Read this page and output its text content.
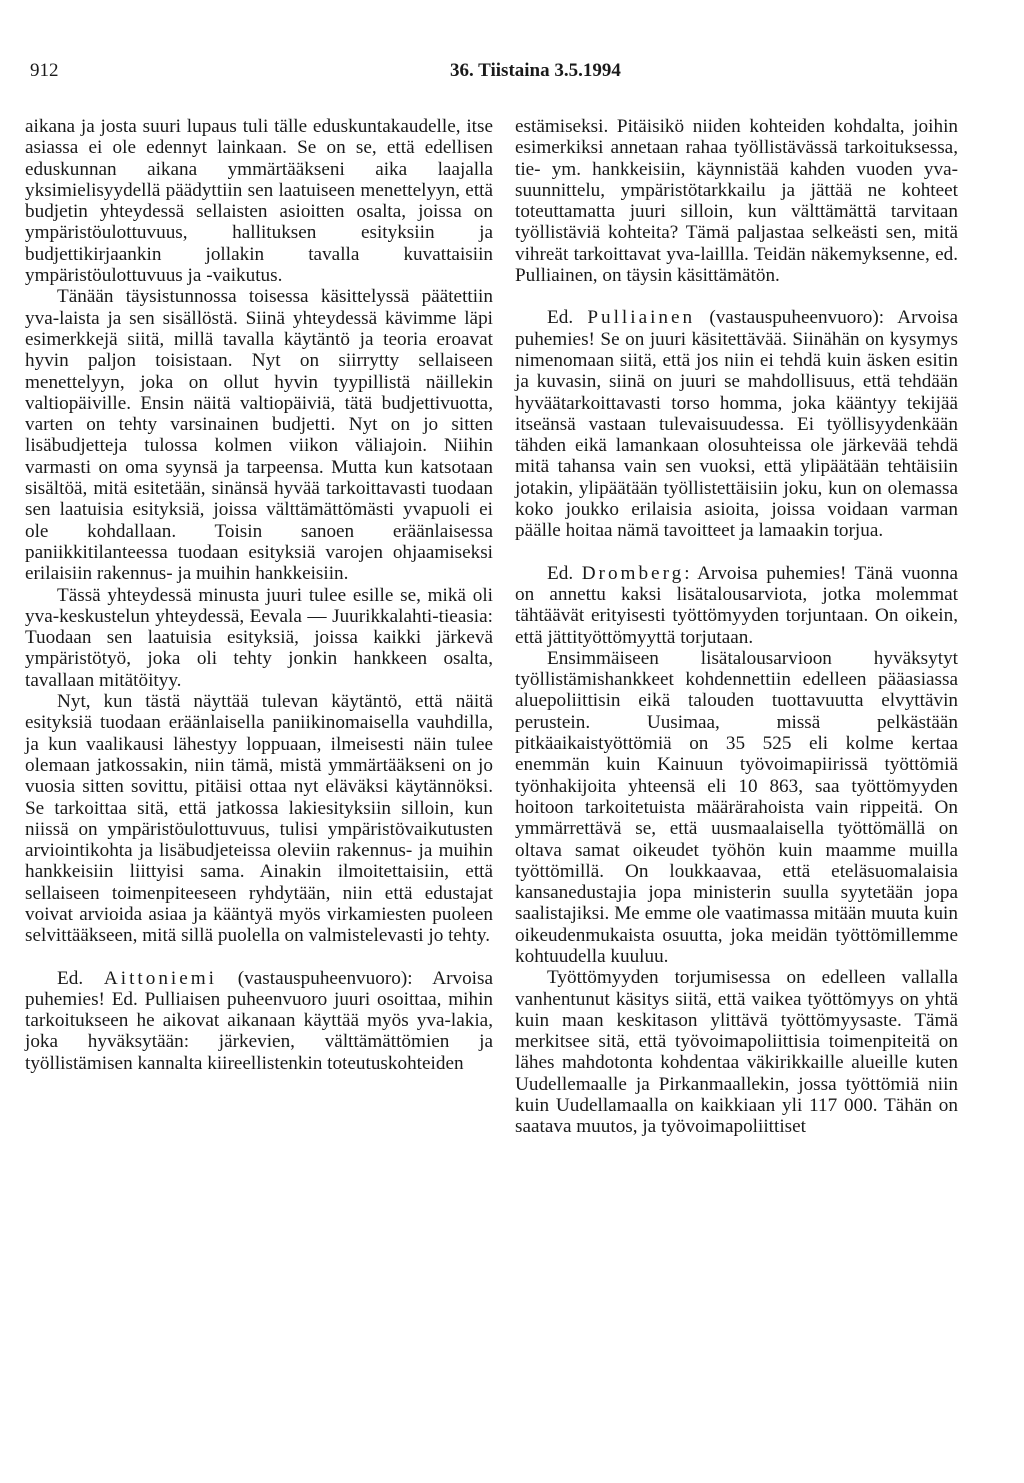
912	36. Tiistaina 3.5.1994

aikana ja josta suuri lupaus tuli tälle eduskuntakaudelle, itse asiassa ei ole edennyt lainkaan. Se on se, että edellisen eduskunnan aikana ymmärtääkseni aika laajalla yksimielisyydellä päädyttiin sen laatuiseen menettelyyn, että budjetin yhteydessä sellaisten asioitten osalta, joissa on ympäristöulottuvuus, hallituksen esityksiin ja budjettikirjaankin jollakin tavalla kuvattaisiin ympäristöulottuvuus ja -vaikutus.

Tänään täysistunnossa toisessa käsittelyssä päätettiin yva-laista ja sen sisällöstä. Siinä yhteydessä kävimme läpi esimerkkejä siitä, millä tavalla käytäntö ja teoria eroavat hyvin paljon toisistaan. Nyt on siirrytty sellaiseen menettelyyn, joka on ollut hyvin tyypillistä näillekin valtiopäiville. Ensin näitä valtiopäiviä, tätä budjettivuotta, varten on tehty varsinainen budjetti. Nyt on jo sitten lisäbudjetteja tulossa kolmen viikon väliajoin. Niihin varmasti on oma syynsä ja tarpeensa. Mutta kun katsotaan sisältöä, mitä esitetään, sinänsä hyvää tarkoittavasti tuodaan sen laatuisia esityksiä, joissa välttämättömästi yvapuoli ei ole kohdallaan. Toisin sanoen eräänlaisessa paniikkitilanteessa tuodaan esityksiä varojen ohjaamiseksi erilaisiin rakennus- ja muihin hankkeisiin.

Tässä yhteydessä minusta juuri tulee esille se, mikä oli yva-keskustelun yhteydessä, Eevala — Juurikkalahti-tieasia: Tuodaan sen laatuisia esityksiä, joissa kaikki järkevä ympäristötyö, joka oli tehty jonkin hankkeen osalta, tavallaan mitätöityy.

Nyt, kun tästä näyttää tulevan käytäntö, että näitä esityksiä tuodaan eräänlaisella paniikinomaisella vauhdilla, ja kun vaalikausi lähestyy loppuaan, ilmeisesti näin tulee olemaan jatkossakin, niin tämä, mistä ymmärtääkseni on jo vuosia sitten sovittu, pitäisi ottaa nyt eläväksi käytännöksi. Se tarkoittaa sitä, että jatkossa lakiesityksiin silloin, kun niissä on ympäristöulottuvuus, tulisi ympäristövaikutusten arviointikohta ja lisäbudjeteissa oleviin rakennus- ja muihin hankkeisiin liittyisi sama. Ainakin ilmoitettaisiin, että sellaiseen toimenpiteeseen ryhdytään, niin että edustajat voivat arvioida asiaa ja kääntyä myös virkamiesten puoleen selvittääkseen, mitä sillä puolella on valmistelevasti jo tehty.

Ed. Aittoniemi (vastauspuheenvuoro): Arvoisa puhemies! Ed. Pulliaisen puheenvuoro juuri osoittaa, mihin tarkoitukseen he aikovat aikanaan käyttää myös yva-lakia, joka hyväksytään: järkevien, välttämättömien ja työllistämisen kannalta kiireellistenkin toteutuskohteiden

estämiseksi. Pitäisikö niiden kohteiden kohdalta, joihin esimerkiksi annetaan rahaa työllistävässä tarkoituksessa, tie- ym. hankkeisiin, käynnistää kahden vuoden yva-suunnittelu, ympäristötarkkailu ja jättää ne kohteet toteuttamatta juuri silloin, kun välttämättä tarvitaan työllistäviä kohteita? Tämä paljastaa selkeästi sen, mitä vihreät tarkoittavat yva-laillla. Teidän näkemyksenne, ed. Pulliainen, on täysin käsittämätön.

Ed. Pulliainen (vastauspuheenvuoro): Arvoisa puhemies! Se on juuri käsitettävää. Siinähän on kysymys nimenomaan siitä, että jos niin ei tehdä kuin äsken esitin ja kuvasin, siinä on juuri se mahdollisuus, että tehdään hyväätarkoittavasti torso homma, joka kääntyy tekijää itseänsä vastaan tulevaisuudessa. Ei työllisyydenkään tähden eikä lamankaan olosuhteissa ole järkevää tehdä mitä tahansa vain sen vuoksi, että ylipäätään tehtäisiin jotakin, ylipäätään työllistettäisiin joku, kun on olemassa koko joukko erilaisia asioita, joissa voidaan varman päälle hoitaa nämä tavoitteet ja lamaakin torjua.

Ed. Dromberg: Arvoisa puhemies! Tänä vuonna on annettu kaksi lisätalousarviota, jotka molemmat tähtäävät erityisesti työttömyyden torjuntaan. On oikein, että jättityöttömyyttä torjutaan.

Ensimmäiseen lisätalousarvioon hyväksytyt työllistämishankkeet kohdennettiin edelleen pääasiassa aluepoliittisin eikä talouden tuottavuutta elvyttävin perustein. Uusimaa, missä pelkästään pitkäaikaistyöttömiä on 35 525 eli kolme kertaa enemmän kuin Kainuun työvoimapiirissä työttömiä työnhakijoita yhteensä eli 10 863, saa työttömyyden hoitoon tarkoitetuista määrärahoista vain rippeitä. On ymmärrettävä se, että uusmaalaisella työttömällä on oltava samat oikeudet työhön kuin maamme muilla työttömillä. On loukkaavaa, että eteläsuomalaisia kansanedustajia jopa ministerin suulla syytetään jopa saalistajiksi. Me emme ole vaatimassa mitään muuta kuin oikeudenmukaista osuutta, joka meidän työttömillemme kohtuudella kuuluu.

Työttömyyden torjumisessa on edelleen vallalla vanhentunut käsitys siitä, että vaikea työttömyys on yhtä kuin maan keskitason ylittävä työttömyysaste. Tämä merkitsee sitä, että työvoimapoliittisia toimenpiteitä on lähes mahdotonta kohdentaa väkirikkaille alueille kuten Uudellemaalle ja Pirkanmaallekin, jossa työttömiä niin kuin Uudellamaalla on kaikkiaan yli 117 000. Tähän on saatava muutos, ja työvoimapoliittiset
